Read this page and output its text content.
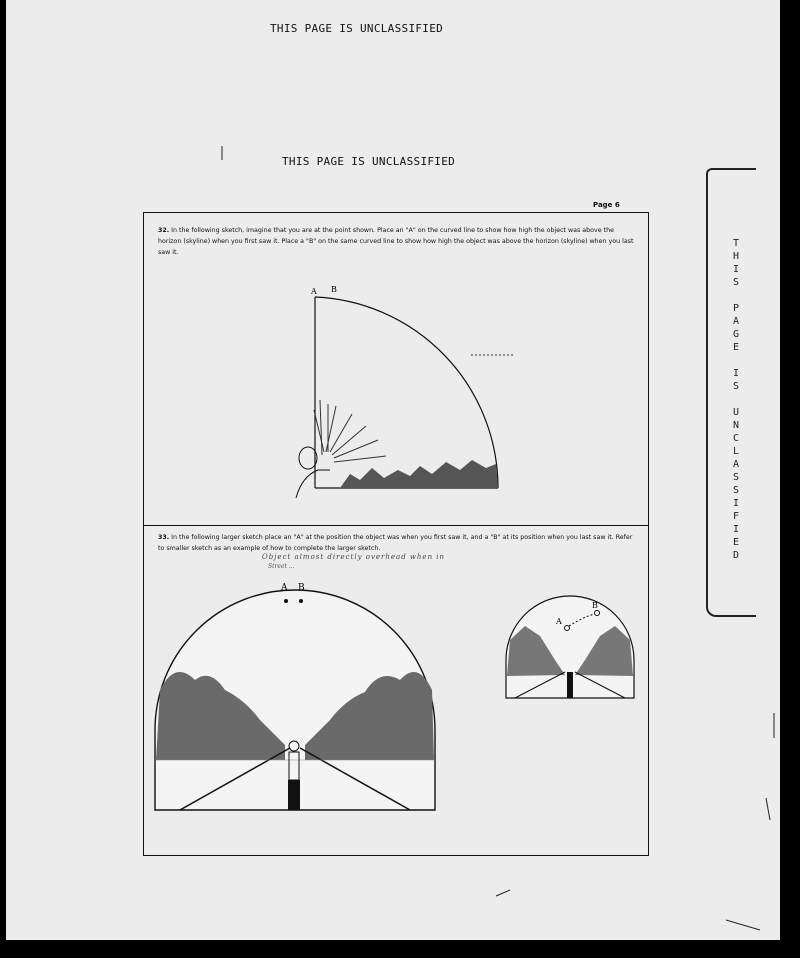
THIS PAGE IS UNCLASSIFIED
THIS PAGE IS UNCLASSIFIED
T
H
I
S

P
A
G
E

I
S

U
N
C
L
A
S
S
I
F
I
E
D
Page 6
32. In the following sketch, imagine that you are at the point shown. Place an "A" on the curved line to show how high the object was above the horizon (skyline) when you first saw it. Place a "B" on the same curved line to show how high the object was above the horizon (skyline) when you last saw it.
33. In the following larger sketch place an "A" at the position the object was when you first saw it, and a "B" at its position when you last saw it. Refer to smaller sketch as an example of how to complete the larger sketch.
Object almost directly overhead when in
Street ...
A B
A B
A
B
